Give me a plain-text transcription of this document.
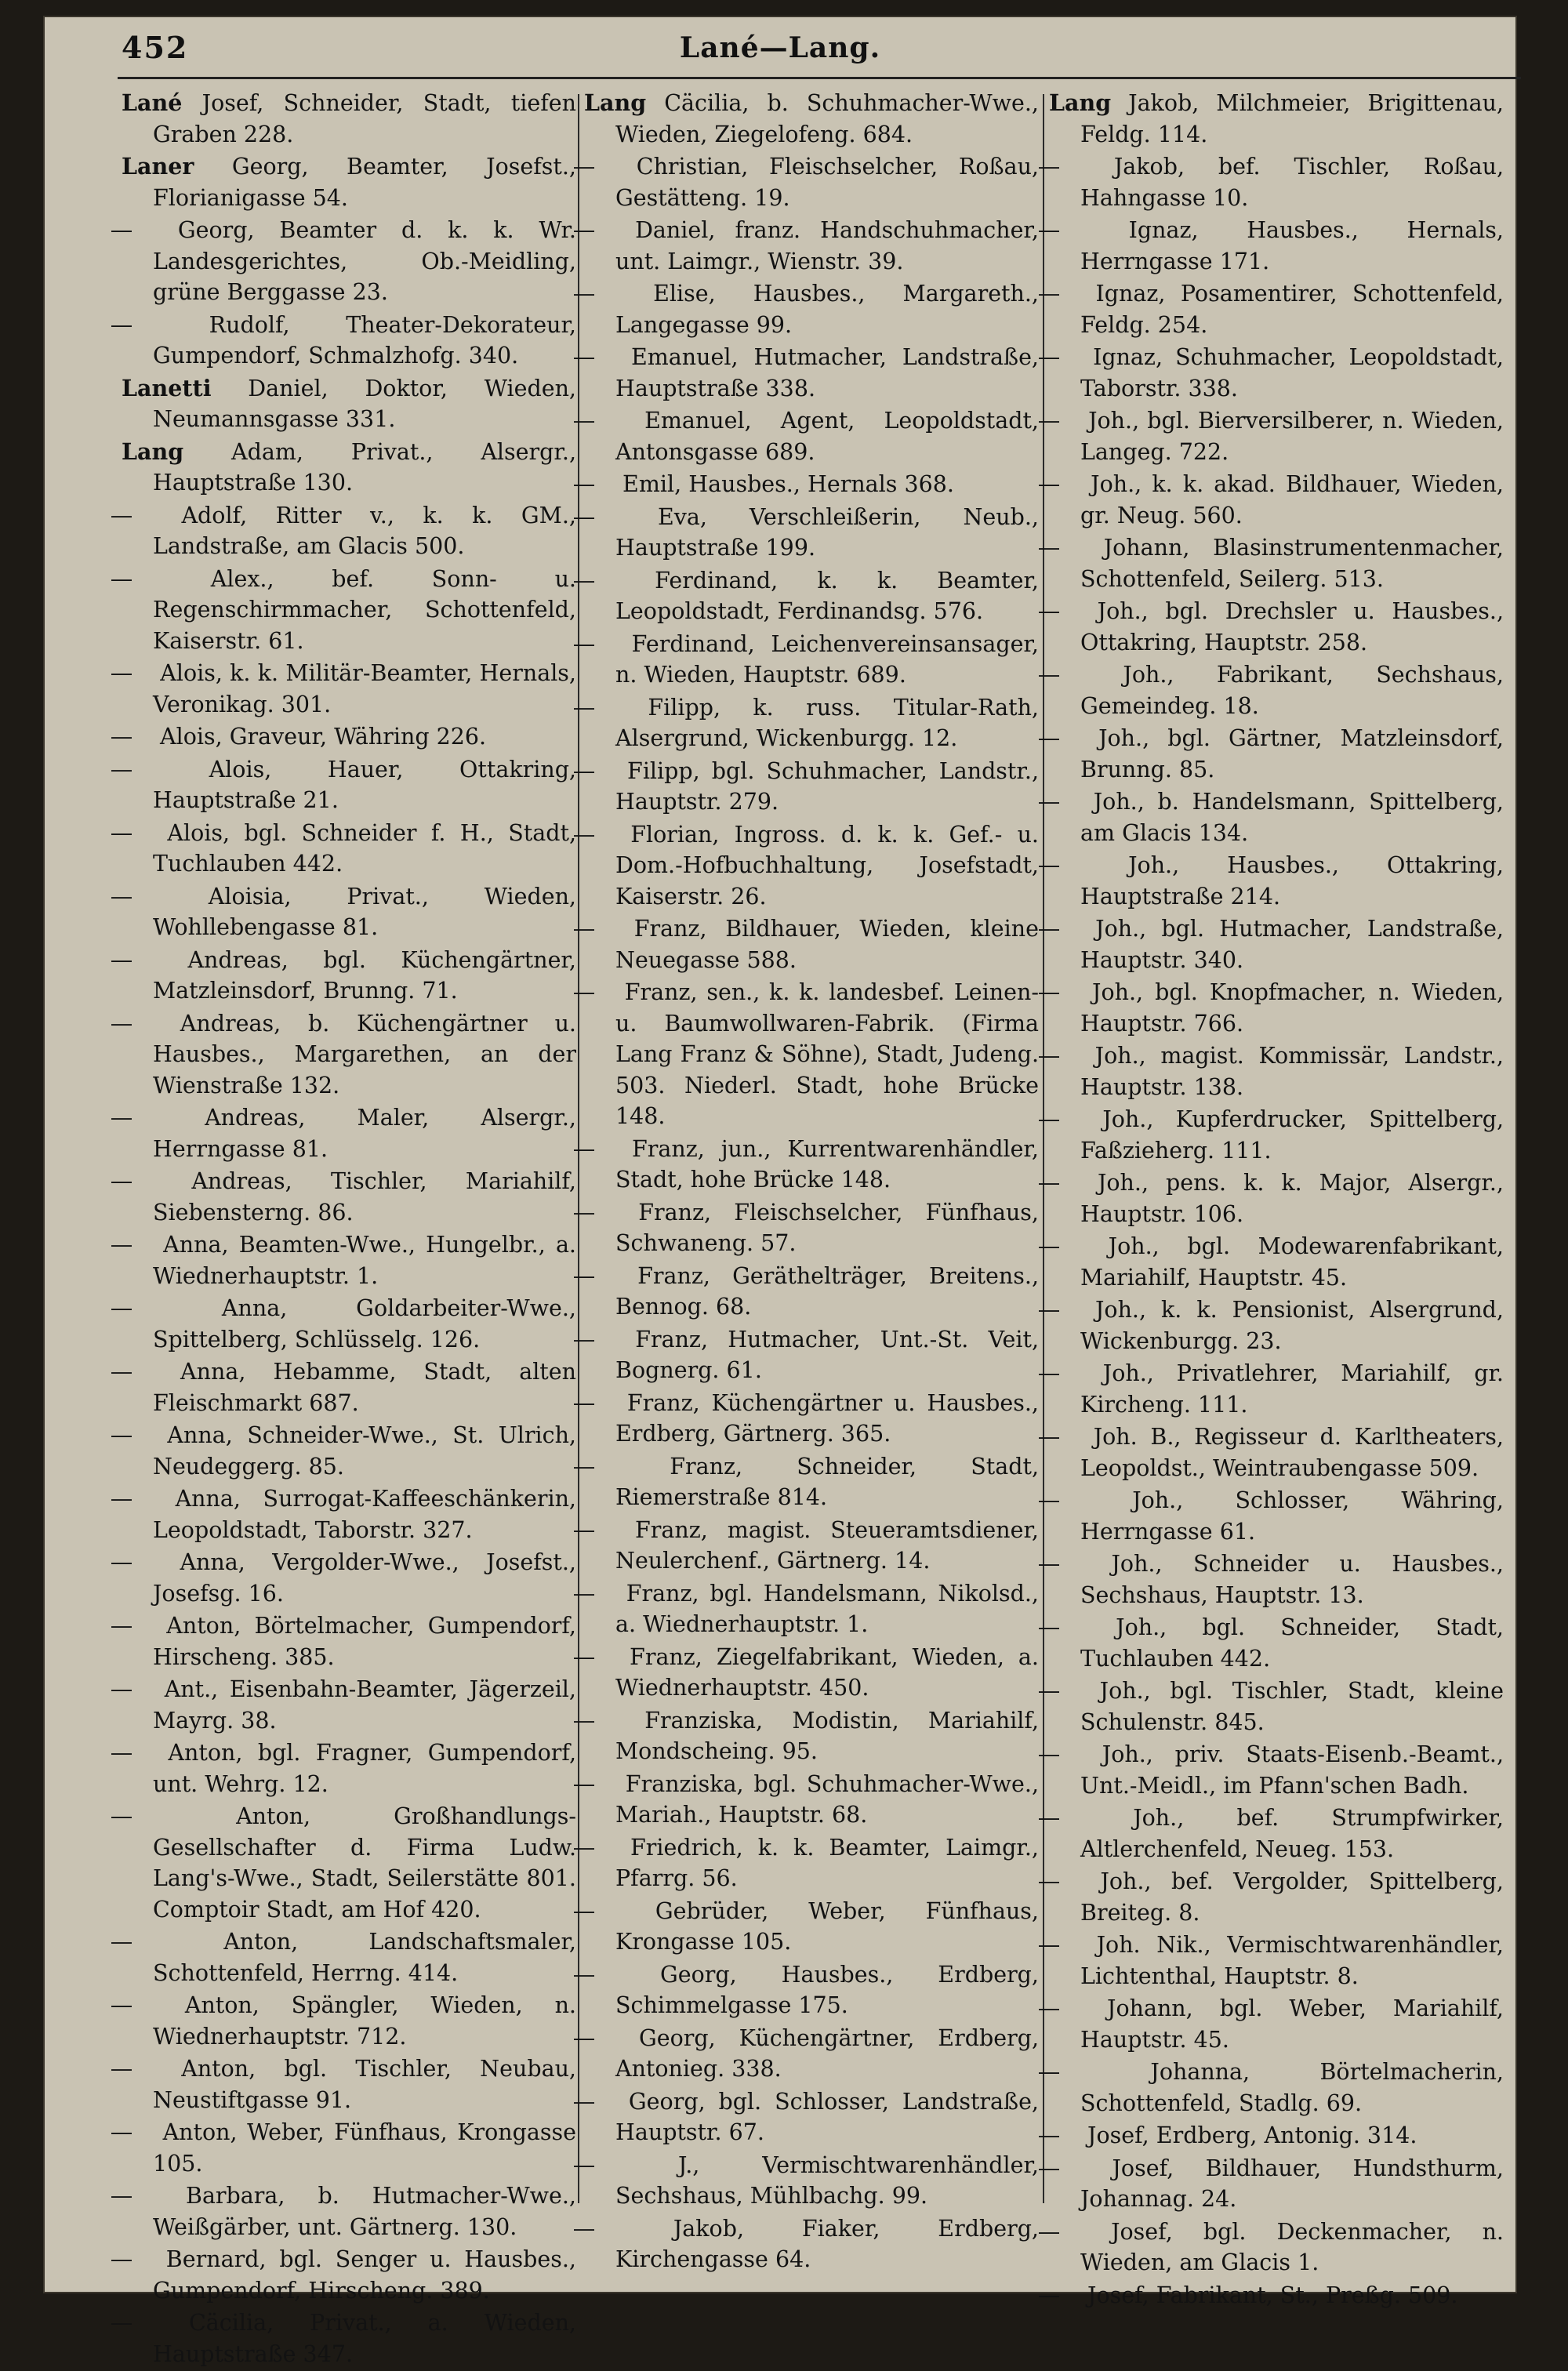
452	Lané—Lang.
Lané Josef, Schneider, Stadt, tiefen Graben 228.
Laner Georg, Beamter, Josefst., Florianigasse 54.
— Georg, Beamter d. k. k. Wr. Landesgerichtes, Ob.-Meidling, grüne Berggasse 23.
— Rudolf, Theater-Dekorateur, Gumpendorf, Schmalzhofg. 340.
Lanetti Daniel, Doktor, Wieden, Neumannsgasse 331.
Lang Adam, Privat., Alsergr., Hauptstraße 130.
— Adolf, Ritter v., k. k. GM., Landstraße, am Glacis 500.
— Alex., bef. Sonn- u. Regenschirmmacher, Schottenfeld, Kaiserstr. 61.
— Alois, k. k. Militär-Beamter, Hernals, Veronikag. 301.
— Alois, Graveur, Währing 226.
— Alois, Hauer, Ottakring, Hauptstraße 21.
— Alois, bgl. Schneider f. H., Stadt, Tuchlauben 442.
— Aloisia, Privat., Wieden, Wohllebengasse 81.
— Andreas, bgl. Küchengärtner, Matzleinsdorf, Brunng. 71.
— Andreas, b. Küchengärtner u. Hausbes., Margarethen, an der Wienstraße 132.
— Andreas, Maler, Alsergr., Herrngasse 81.
— Andreas, Tischler, Mariahilf, Siebensterng. 86.
— Anna, Beamten-Wwe., Hungelbr., a. Wiednerhauptstr. 1.
— Anna, Goldarbeiter-Wwe., Spittelberg, Schlüsselg. 126.
— Anna, Hebamme, Stadt, alten Fleischmarkt 687.
— Anna, Schneider-Wwe., St. Ulrich, Neudeggerg. 85.
— Anna, Surrogat-Kaffeeschänkerin, Leopoldstadt, Taborstr. 327.
— Anna, Vergolder-Wwe., Josefst., Josefsg. 16.
— Anton, Börtelmacher, Gumpendorf, Hirscheng. 385.
— Ant., Eisenbahn-Beamter, Jägerzeil, Mayrg. 38.
— Anton, bgl. Fragner, Gumpendorf, unt. Wehrg. 12.
— Anton, Großhandlungs-Gesellschafter d. Firma Ludw. Lang's-Wwe., Stadt, Seilerstätte 801. Comptoir Stadt, am Hof 420.
— Anton, Landschaftsmaler, Schottenfeld, Herrng. 414.
— Anton, Spängler, Wieden, n. Wiednerhauptstr. 712.
— Anton, bgl. Tischler, Neubau, Neustiftgasse 91.
— Anton, Weber, Fünfhaus, Krongasse 105.
— Barbara, b. Hutmacher-Wwe., Weißgärber, unt. Gärtnerg. 130.
— Bernard, bgl. Senger u. Hausbes., Gumpendorf, Hirscheng. 389.
— Cäcilia, Privat., a. Wieden, Hauptstraße 347.
Lang Cäcilia, b. Schuhmacher-Wwe., Wieden, Ziegelofeng. 684.
— Christian, Fleischselcher, Roßau, Gestätteng. 19.
— Daniel, franz. Handschuhmacher, unt. Laimgr., Wienstr. 39.
— Elise, Hausbes., Margareth., Langegasse 99.
— Emanuel, Hutmacher, Landstraße, Hauptstraße 338.
— Emanuel, Agent, Leopoldstadt, Antonsgasse 689.
— Emil, Hausbes., Hernals 368.
— Eva, Verschleißerin, Neub., Hauptstraße 199.
— Ferdinand, k. k. Beamter, Leopoldstadt, Ferdinandsg. 576.
— Ferdinand, Leichenvereinsansager, n. Wieden, Hauptstr. 689.
— Filipp, k. russ. Titular-Rath, Alsergrund, Wickenburgg. 12.
— Filipp, bgl. Schuhmacher, Landstr., Hauptstr. 279.
— Florian, Ingross. d. k. k. Gef.- u. Dom.-Hofbuchhaltung, Josefstadt, Kaiserstr. 26.
— Franz, Bildhauer, Wieden, kleine Neuegasse 588.
— Franz, sen., k. k. landesbef. Leinen- u. Baumwollwaren-Fabrik. (Firma Lang Franz & Söhne), Stadt, Judeng. 503. Niederl. Stadt, hohe Brücke 148.
— Franz, jun., Kurrentwarenhändler, Stadt, hohe Brücke 148.
— Franz, Fleischselcher, Fünfhaus, Schwaneng. 57.
— Franz, Geräthelträger, Breitens., Bennog. 68.
— Franz, Hutmacher, Unt.-St. Veit, Bognerg. 61.
— Franz, Küchengärtner u. Hausbes., Erdberg, Gärtnerg. 365.
— Franz, Schneider, Stadt, Riemerstraße 814.
— Franz, magist. Steueramtsdiener, Neulerchenf., Gärtnerg. 14.
— Franz, bgl. Handelsmann, Nikolsd., a. Wiednerhauptstr. 1.
— Franz, Ziegelfabrikant, Wieden, a. Wiednerhauptstr. 450.
— Franziska, Modistin, Mariahilf, Mondscheing. 95.
— Franziska, bgl. Schuhmacher-Wwe., Mariah., Hauptstr. 68.
— Friedrich, k. k. Beamter, Laimgr., Pfarrg. 56.
— Gebrüder, Weber, Fünfhaus, Krongasse 105.
— Georg, Hausbes., Erdberg, Schimmelgasse 175.
— Georg, Küchengärtner, Erdberg, Antonieg. 338.
— Georg, bgl. Schlosser, Landstraße, Hauptstr. 67.
— J., Vermischtwarenhändler, Sechshaus, Mühlbachg. 99.
— Jakob, Fiaker, Erdberg, Kirchengasse 64.
Lang Jakob, Milchmeier, Brigittenau, Feldg. 114.
— Jakob, bef. Tischler, Roßau, Hahngasse 10.
— Ignaz, Hausbes., Hernals, Herrngasse 171.
— Ignaz, Posamentirer, Schottenfeld, Feldg. 254.
— Ignaz, Schuhmacher, Leopoldstadt, Taborstr. 338.
— Joh., bgl. Bierversilberer, n. Wieden, Langeg. 722.
— Joh., k. k. akad. Bildhauer, Wieden, gr. Neug. 560.
— Johann, Blasinstrumentenmacher, Schottenfeld, Seilerg. 513.
— Joh., bgl. Drechsler u. Hausbes., Ottakring, Hauptstr. 258.
— Joh., Fabrikant, Sechshaus, Gemeindeg. 18.
— Joh., bgl. Gärtner, Matzleinsdorf, Brunng. 85.
— Joh., b. Handelsmann, Spittelberg, am Glacis 134.
— Joh., Hausbes., Ottakring, Hauptstraße 214.
— Joh., bgl. Hutmacher, Landstraße, Hauptstr. 340.
— Joh., bgl. Knopfmacher, n. Wieden, Hauptstr. 766.
— Joh., magist. Kommissär, Landstr., Hauptstr. 138.
— Joh., Kupferdrucker, Spittelberg, Faßzieherg. 111.
— Joh., pens. k. k. Major, Alsergr., Hauptstr. 106.
— Joh., bgl. Modewarenfabrikant, Mariahilf, Hauptstr. 45.
— Joh., k. k. Pensionist, Alsergrund, Wickenburgg. 23.
— Joh., Privatlehrer, Mariahilf, gr. Kircheng. 111.
— Joh. B., Regisseur d. Karltheaters, Leopoldst., Weintraubengasse 509.
— Joh., Schlosser, Währing, Herrngasse 61.
— Joh., Schneider u. Hausbes., Sechshaus, Hauptstr. 13.
— Joh., bgl. Schneider, Stadt, Tuchlauben 442.
— Joh., bgl. Tischler, Stadt, kleine Schulenstr. 845.
— Joh., priv. Staats-Eisenb.-Beamt., Unt.-Meidl., im Pfann'schen Badh.
— Joh., bef. Strumpfwirker, Altlerchenfeld, Neueg. 153.
— Joh., bef. Vergolder, Spittelberg, Breiteg. 8.
— Joh. Nik., Vermischtwarenhändler, Lichtenthal, Hauptstr. 8.
— Johann, bgl. Weber, Mariahilf, Hauptstr. 45.
— Johanna, Börtelmacherin, Schottenfeld, Stadlg. 69.
— Josef, Erdberg, Antonig. 314.
— Josef, Bildhauer, Hundsthurm, Johannag. 24.
— Josef, bgl. Deckenmacher, n. Wieden, am Glacis 1.
— Josef, Fabrikant, St., Preßg. 509.
